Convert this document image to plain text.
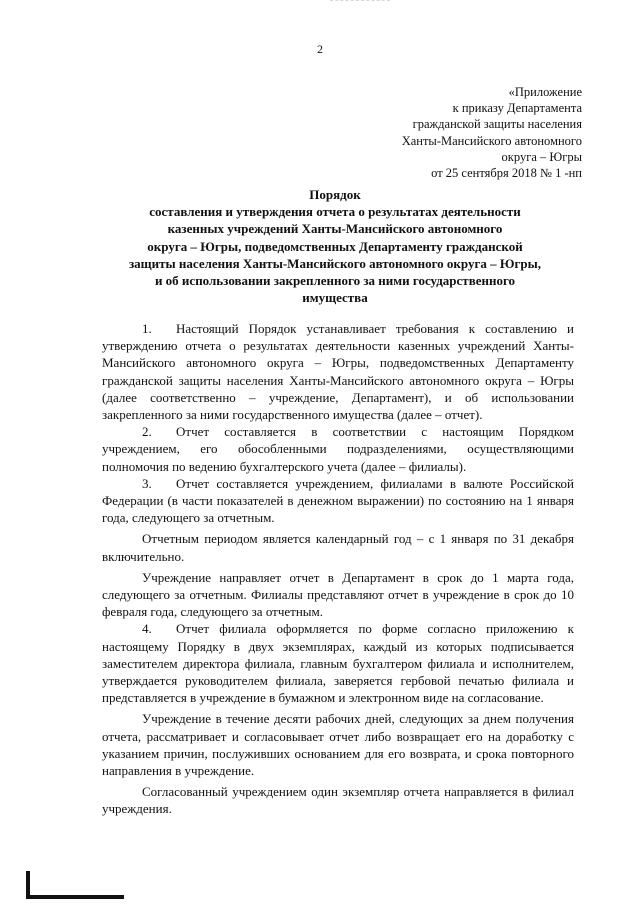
2
«Приложение
к приказу Департамента
гражданской защиты населения
Ханты-Мансийского автономного
округа – Югры
от 25 сентября 2018 № 1 -нп
Порядок
составления и утверждения отчета о результатах деятельности
казенных учреждений Ханты-Мансийского автономного
округа – Югры, подведомственных Департаменту гражданской
защиты населения Ханты-Мансийского автономного округа – Югры,
и об использовании закрепленного за ними государственного
имущества

1. Настоящий Порядок устанавливает требования к составлению и утверждению отчета о результатах деятельности казенных учреждений Ханты-Мансийского автономного округа – Югры, подведомственных Департаменту гражданской защиты населения Ханты-Мансийского автономного округа – Югры (далее соответственно – учреждение, Департамент), и об использовании закрепленного за ними государственного имущества (далее – отчет).

2. Отчет составляется в соответствии с настоящим Порядком учреждением, его обособленными подразделениями, осуществляющими полномочия по ведению бухгалтерского учета (далее – филиалы).

3. Отчет составляется учреждением, филиалами в валюте Российской Федерации (в части показателей в денежном выражении) по состоянию на 1 января года, следующего за отчетным.

Отчетным периодом является календарный год – с 1 января по 31 декабря включительно.

Учреждение направляет отчет в Департамент в срок до 1 марта года, следующего за отчетным. Филиалы представляют отчет в учреждение в срок до 10 февраля года, следующего за отчетным.

4. Отчет филиала оформляется по форме согласно приложению к настоящему Порядку в двух экземплярах, каждый из которых подписывается заместителем директора филиала, главным бухгалтером филиала и исполнителем, утверждается руководителем филиала, заверяется гербовой печатью филиала и представляется в учреждение в бумажном и электронном виде на согласование.

Учреждение в течение десяти рабочих дней, следующих за днем получения отчета, рассматривает и согласовывает отчет либо возвращает его на доработку с указанием причин, послуживших основанием для его возврата, и срока повторного направления в учреждение.

Согласованный учреждением один экземпляр отчета направляется в филиал учреждения.
